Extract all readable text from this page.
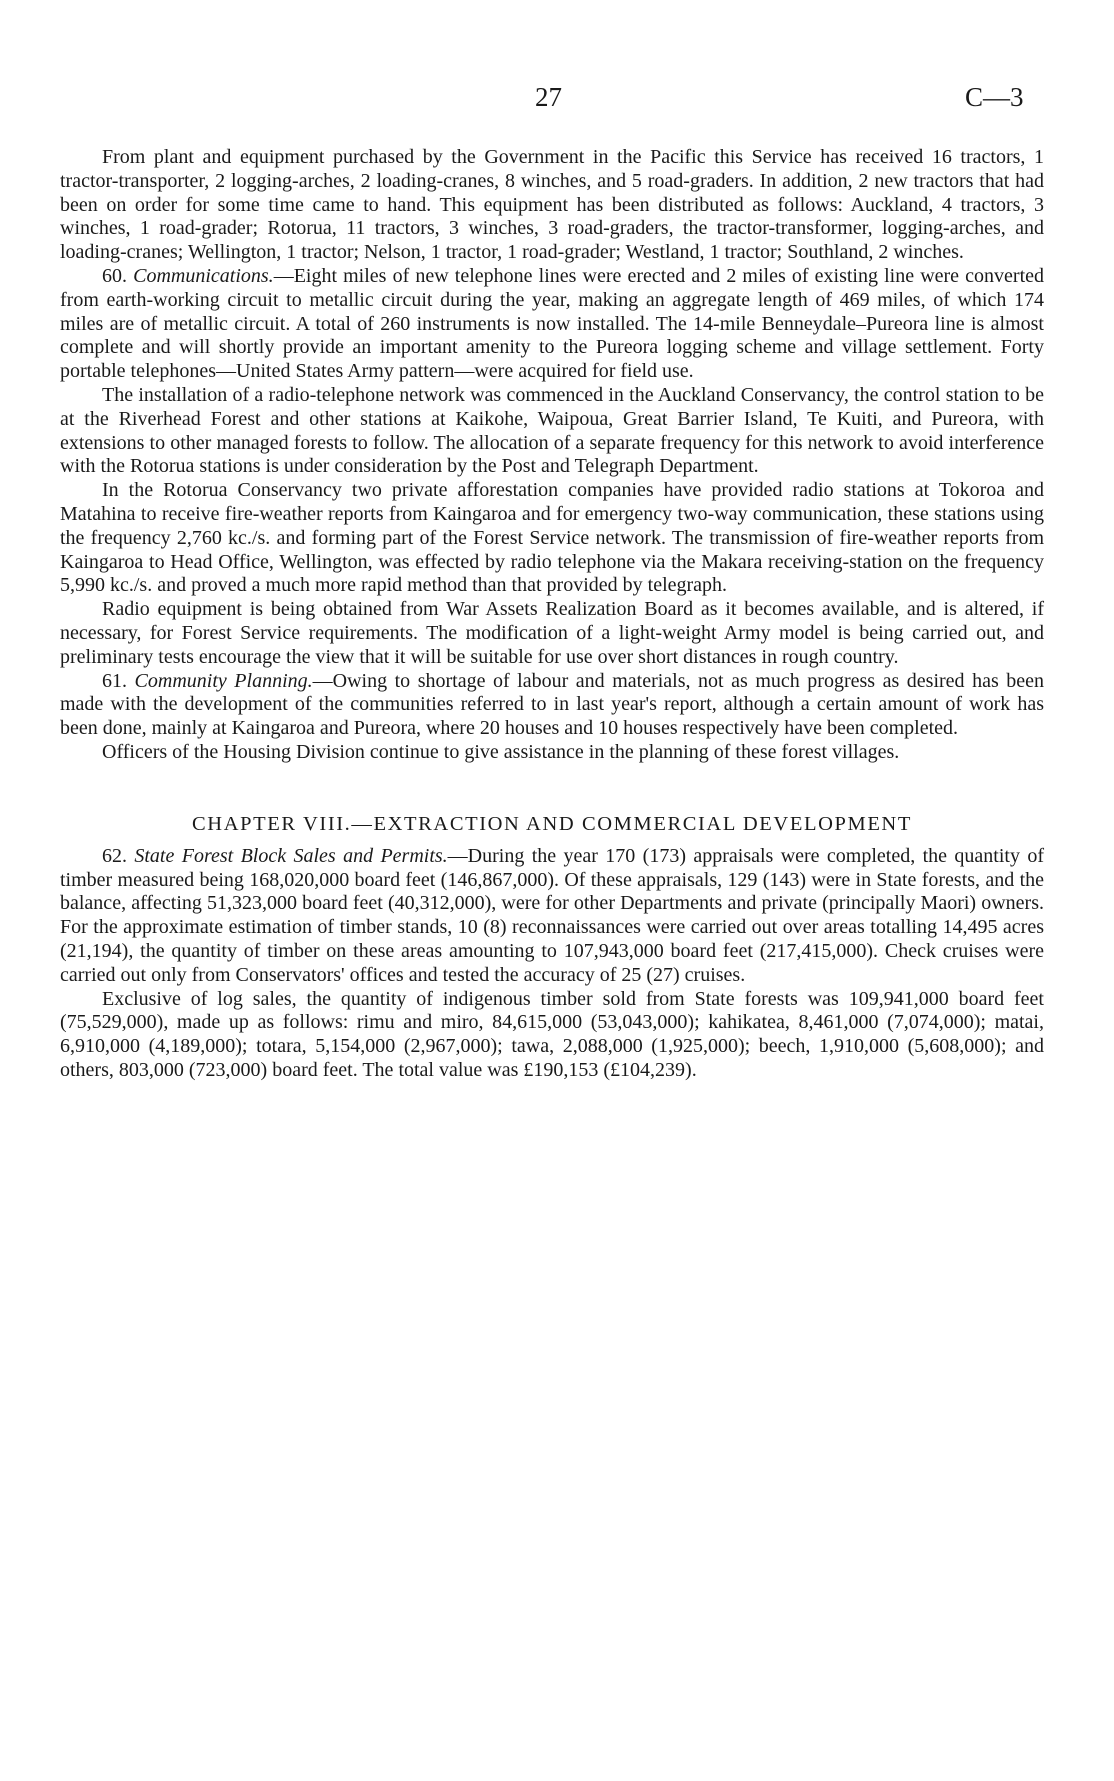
27	C—3

From plant and equipment purchased by the Government in the Pacific this Service has received 16 tractors, 1 tractor-transporter, 2 logging-arches, 2 loading-cranes, 8 winches, and 5 road-graders. In addition, 2 new tractors that had been on order for some time came to hand. This equipment has been distributed as follows: Auckland, 4 tractors, 3 winches, 1 road-grader; Rotorua, 11 tractors, 3 winches, 3 road-graders, the tractor-transformer, logging-arches, and loading-cranes; Wellington, 1 tractor; Nelson, 1 tractor, 1 road-grader; Westland, 1 tractor; Southland, 2 winches.

60. Communications.—Eight miles of new telephone lines were erected and 2 miles of existing line were converted from earth-working circuit to metallic circuit during the year, making an aggregate length of 469 miles, of which 174 miles are of metallic circuit. A total of 260 instruments is now installed. The 14-mile Benneydale–Pureora line is almost complete and will shortly provide an important amenity to the Pureora logging scheme and village settlement. Forty portable telephones—United States Army pattern—were acquired for field use.

The installation of a radio-telephone network was commenced in the Auckland Conservancy, the control station to be at the Riverhead Forest and other stations at Kaikohe, Waipoua, Great Barrier Island, Te Kuiti, and Pureora, with extensions to other managed forests to follow. The allocation of a separate frequency for this network to avoid interference with the Rotorua stations is under consideration by the Post and Telegraph Department.

In the Rotorua Conservancy two private afforestation companies have provided radio stations at Tokoroa and Matahina to receive fire-weather reports from Kaingaroa and for emergency two-way communication, these stations using the frequency 2,760 kc./s. and forming part of the Forest Service network. The transmission of fire-weather reports from Kaingaroa to Head Office, Wellington, was effected by radio telephone via the Makara receiving-station on the frequency 5,990 kc./s. and proved a much more rapid method than that provided by telegraph.

Radio equipment is being obtained from War Assets Realization Board as it becomes available, and is altered, if necessary, for Forest Service requirements. The modification of a light-weight Army model is being carried out, and preliminary tests encourage the view that it will be suitable for use over short distances in rough country.

61. Community Planning.—Owing to shortage of labour and materials, not as much progress as desired has been made with the development of the communities referred to in last year's report, although a certain amount of work has been done, mainly at Kaingaroa and Pureora, where 20 houses and 10 houses respectively have been completed.

Officers of the Housing Division continue to give assistance in the planning of these forest villages.

CHAPTER VIII.—EXTRACTION AND COMMERCIAL DEVELOPMENT

62. State Forest Block Sales and Permits.—During the year 170 (173) appraisals were completed, the quantity of timber measured being 168,020,000 board feet (146,867,000). Of these appraisals, 129 (143) were in State forests, and the balance, affecting 51,323,000 board feet (40,312,000), were for other Departments and private (principally Maori) owners. For the approximate estimation of timber stands, 10 (8) reconnaissances were carried out over areas totalling 14,495 acres (21,194), the quantity of timber on these areas amounting to 107,943,000 board feet (217,415,000). Check cruises were carried out only from Conservators' offices and tested the accuracy of 25 (27) cruises.

Exclusive of log sales, the quantity of indigenous timber sold from State forests was 109,941,000 board feet (75,529,000), made up as follows: rimu and miro, 84,615,000 (53,043,000); kahikatea, 8,461,000 (7,074,000); matai, 6,910,000 (4,189,000); totara, 5,154,000 (2,967,000); tawa, 2,088,000 (1,925,000); beech, 1,910,000 (5,608,000); and others, 803,000 (723,000) board feet. The total value was £190,153 (£104,239).
